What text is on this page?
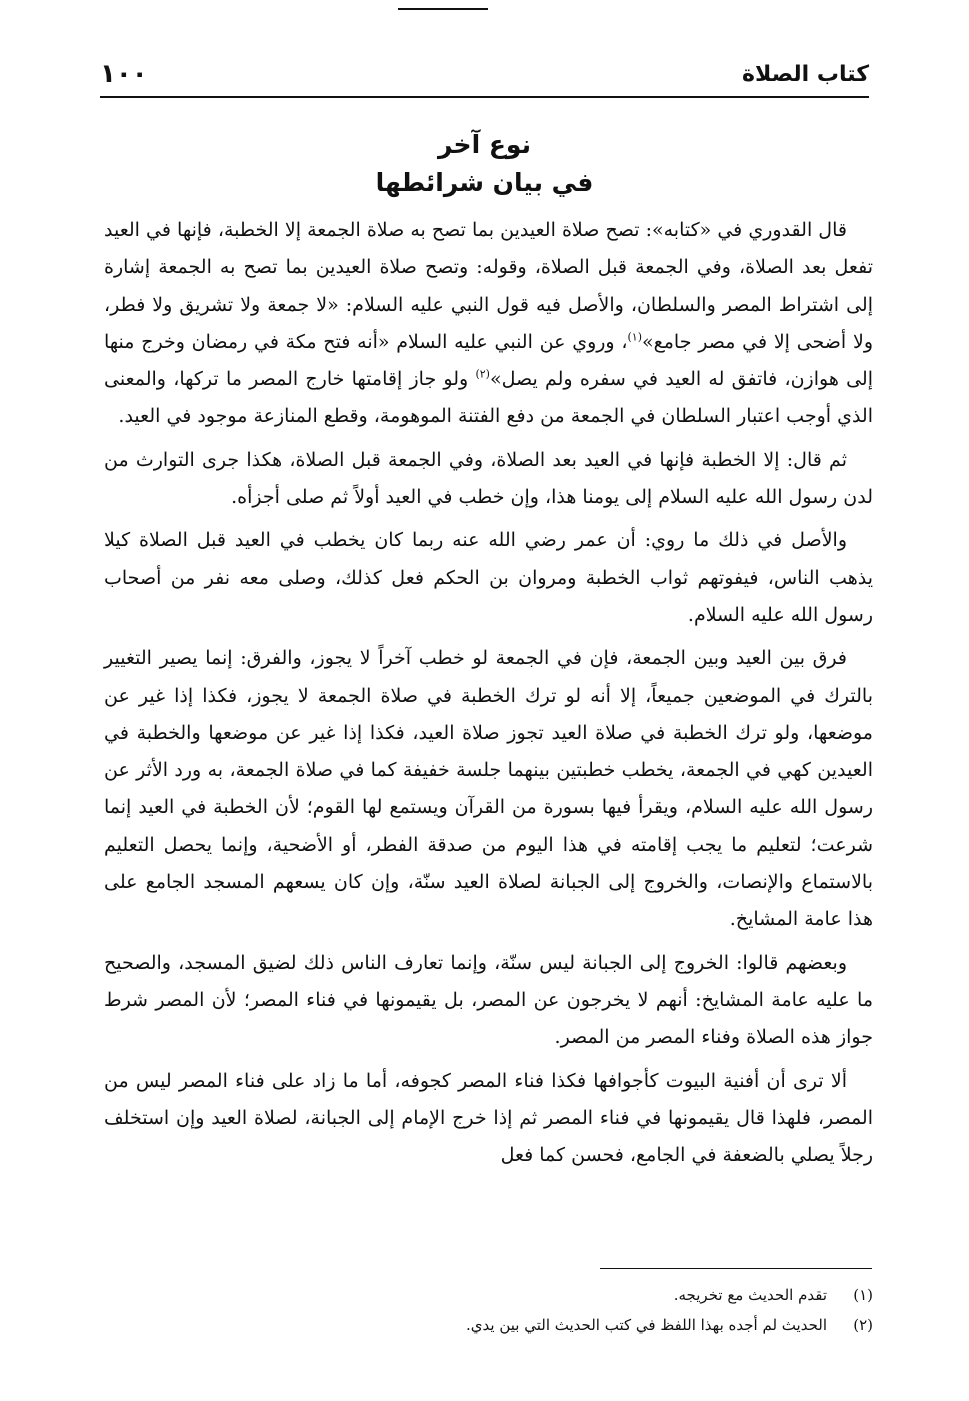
كتاب الصلاة
١٠٠
نوع آخر
في بيان شرائطها

قال القدوري في «كتابه»: تصح صلاة العيدين بما تصح به صلاة الجمعة إلا الخطبة، فإنها في العيد تفعل بعد الصلاة، وفي الجمعة قبل الصلاة، وقوله: وتصح صلاة العيدين بما تصح به الجمعة إشارة إلى اشتراط المصر والسلطان، والأصل فيه قول النبي عليه السلام: «لا جمعة ولا تشريق ولا فطر، ولا أضحى إلا في مصر جامع»$^{(١)}$، وروي عن النبي عليه السلام «أنه فتح مكة في رمضان وخرج منها إلى هوازن، فاتفق له العيد في سفره ولم يصل»$^{(٢)}$ ولو جاز إقامتها خارج المصر ما تركها، والمعنى الذي أوجب اعتبار السلطان في الجمعة من دفع الفتنة الموهومة، وقطع المنازعة موجود في العيد.

ثم قال: إلا الخطبة فإنها في العيد بعد الصلاة، وفي الجمعة قبل الصلاة، هكذا جرى التوارث من لدن رسول الله عليه السلام إلى يومنا هذا، وإن خطب في العيد أولاً ثم صلى أجزأه.

والأصل في ذلك ما روي: أن عمر رضي الله عنه ربما كان يخطب في العيد قبل الصلاة كيلا يذهب الناس، فيفوتهم ثواب الخطبة ومروان بن الحكم فعل كذلك، وصلى معه نفر من أصحاب رسول الله عليه السلام.

فرق بين العيد وبين الجمعة، فإن في الجمعة لو خطب آخراً لا يجوز، والفرق: إنما يصير التغيير بالترك في الموضعين جميعاً، إلا أنه لو ترك الخطبة في صلاة الجمعة لا يجوز، فكذا إذا غير عن موضعها، ولو ترك الخطبة في صلاة العيد تجوز صلاة العيد، فكذا إذا غير عن موضعها والخطبة في العيدين كهي في الجمعة، يخطب خطبتين بينهما جلسة خفيفة كما في صلاة الجمعة، به ورد الأثر عن رسول الله عليه السلام، ويقرأ فيها بسورة من القرآن ويستمع لها القوم؛ لأن الخطبة في العيد إنما شرعت؛ لتعليم ما يجب إقامته في هذا اليوم من صدقة الفطر، أو الأضحية، وإنما يحصل التعليم بالاستماع والإنصات، والخروج إلى الجبانة لصلاة العيد سنّة، وإن كان يسعهم المسجد الجامع على هذا عامة المشايخ.

وبعضهم قالوا: الخروج إلى الجبانة ليس سنّة، وإنما تعارف الناس ذلك لضيق المسجد، والصحيح ما عليه عامة المشايخ: أنهم لا يخرجون عن المصر، بل يقيمونها في فناء المصر؛ لأن المصر شرط جواز هذه الصلاة وفناء المصر من المصر.

ألا ترى أن أفنية البيوت كأجوافها فكذا فناء المصر كجوفه، أما ما زاد على فناء المصر ليس من المصر، فلهذا قال يقيمونها في فناء المصر ثم إذا خرج الإمام إلى الجبانة، لصلاة العيد وإن استخلف رجلاً يصلي بالضعفة في الجامع، فحسن كما فعل

(١)
تقدم الحديث مع تخريجه.
(٢)
الحديث لم أجده بهذا اللفظ في كتب الحديث التي بين يدي.
